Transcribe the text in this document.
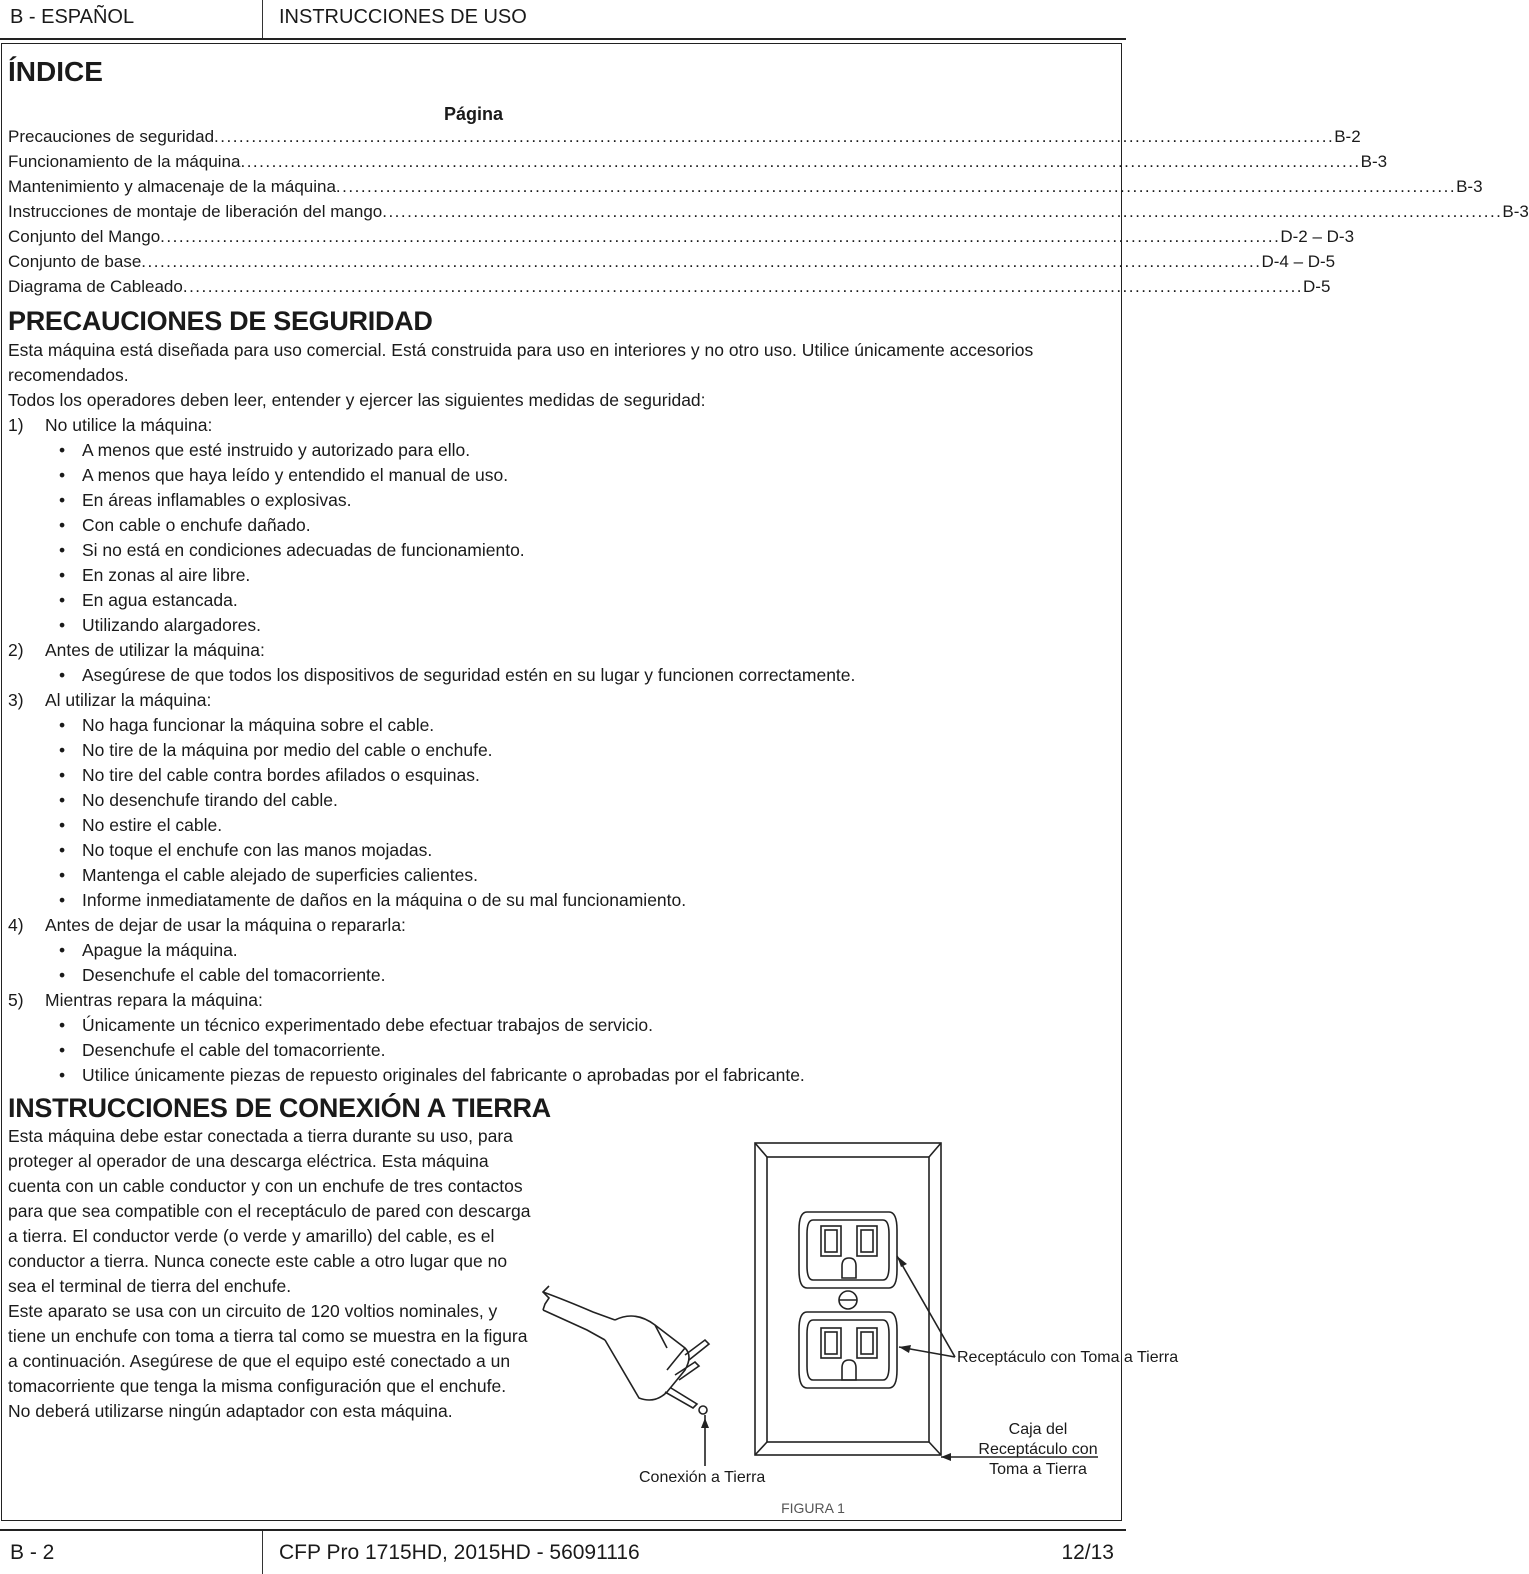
B - ESPAÑOL	INSTRUCCIONES DE USO
ÍNDICE
Página
Precauciones de seguridad .....	B-2
Funcionamiento de la máquina .....	B-3
Mantenimiento y almacenaje de la máquina .....	B-3
Instrucciones de montaje de liberación del mango .....	B-3
Conjunto del Mango .....	D-2 – D-3
Conjunto de base .....	D-4 – D-5
Diagrama de Cableado .....	D-5
PRECAUCIONES DE SEGURIDAD
Esta máquina está diseñada para uso comercial. Está construida para uso en interiores y no otro uso. Utilice únicamente accesorios recomendados.
Todos los operadores deben leer, entender y ejercer las siguientes medidas de seguridad:
1)	No utilice la máquina:
• A menos que esté instruido y autorizado para ello.
• A menos que haya leído y entendido el manual de uso.
• En áreas inflamables o explosivas.
• Con cable o enchufe dañado.
• Si no está en condiciones adecuadas de funcionamiento.
• En zonas al aire libre.
• En agua estancada.
• Utilizando alargadores.
2)	Antes de utilizar la máquina:
• Asegúrese de que todos los dispositivos de seguridad estén en su lugar y funcionen correctamente.
3)	Al utilizar la máquina:
• No haga funcionar la máquina sobre el cable.
• No tire de la máquina por medio del cable o enchufe.
• No tire del cable contra bordes afilados o esquinas.
• No desenchufe tirando del cable.
• No estire el cable.
• No toque el enchufe con las manos mojadas.
• Mantenga el cable alejado de superficies calientes.
• Informe inmediatamente de daños en la máquina o de su mal funcionamiento.
4)	Antes de dejar de usar la máquina o repararla:
• Apague la máquina.
• Desenchufe el cable del tomacorriente.
5)	Mientras repara la máquina:
• Únicamente un técnico experimentado debe efectuar trabajos de servicio.
• Desenchufe el cable del tomacorriente.
• Utilice únicamente piezas de repuesto originales del fabricante o aprobadas por el fabricante.
INSTRUCCIONES DE CONEXIÓN A TIERRA
Esta máquina debe estar conectada a tierra durante su uso, para proteger al operador de una descarga eléctrica. Esta máquina cuenta con un cable conductor y con un enchufe de tres contactos para que sea compatible con el receptáculo de pared con descarga a tierra. El conductor verde (o verde y amarillo) del cable, es el conductor a tierra. Nunca conecte este cable a otro lugar que no sea el terminal de tierra del enchufe.
Este aparato se usa con un circuito de 120 voltios nominales, y tiene un enchufe con toma a tierra tal como se muestra en la figura a continuación. Asegúrese de que el equipo esté conectado a un tomacorriente que tenga la misma configuración que el enchufe. No deberá utilizarse ningún adaptador con esta máquina.
Receptáculo con Toma a Tierra
Caja del Receptáculo con Toma a Tierra
Conexión a Tierra
FIGURA 1
B - 2	CFP Pro 1715HD, 2015HD - 56091116	12/13
